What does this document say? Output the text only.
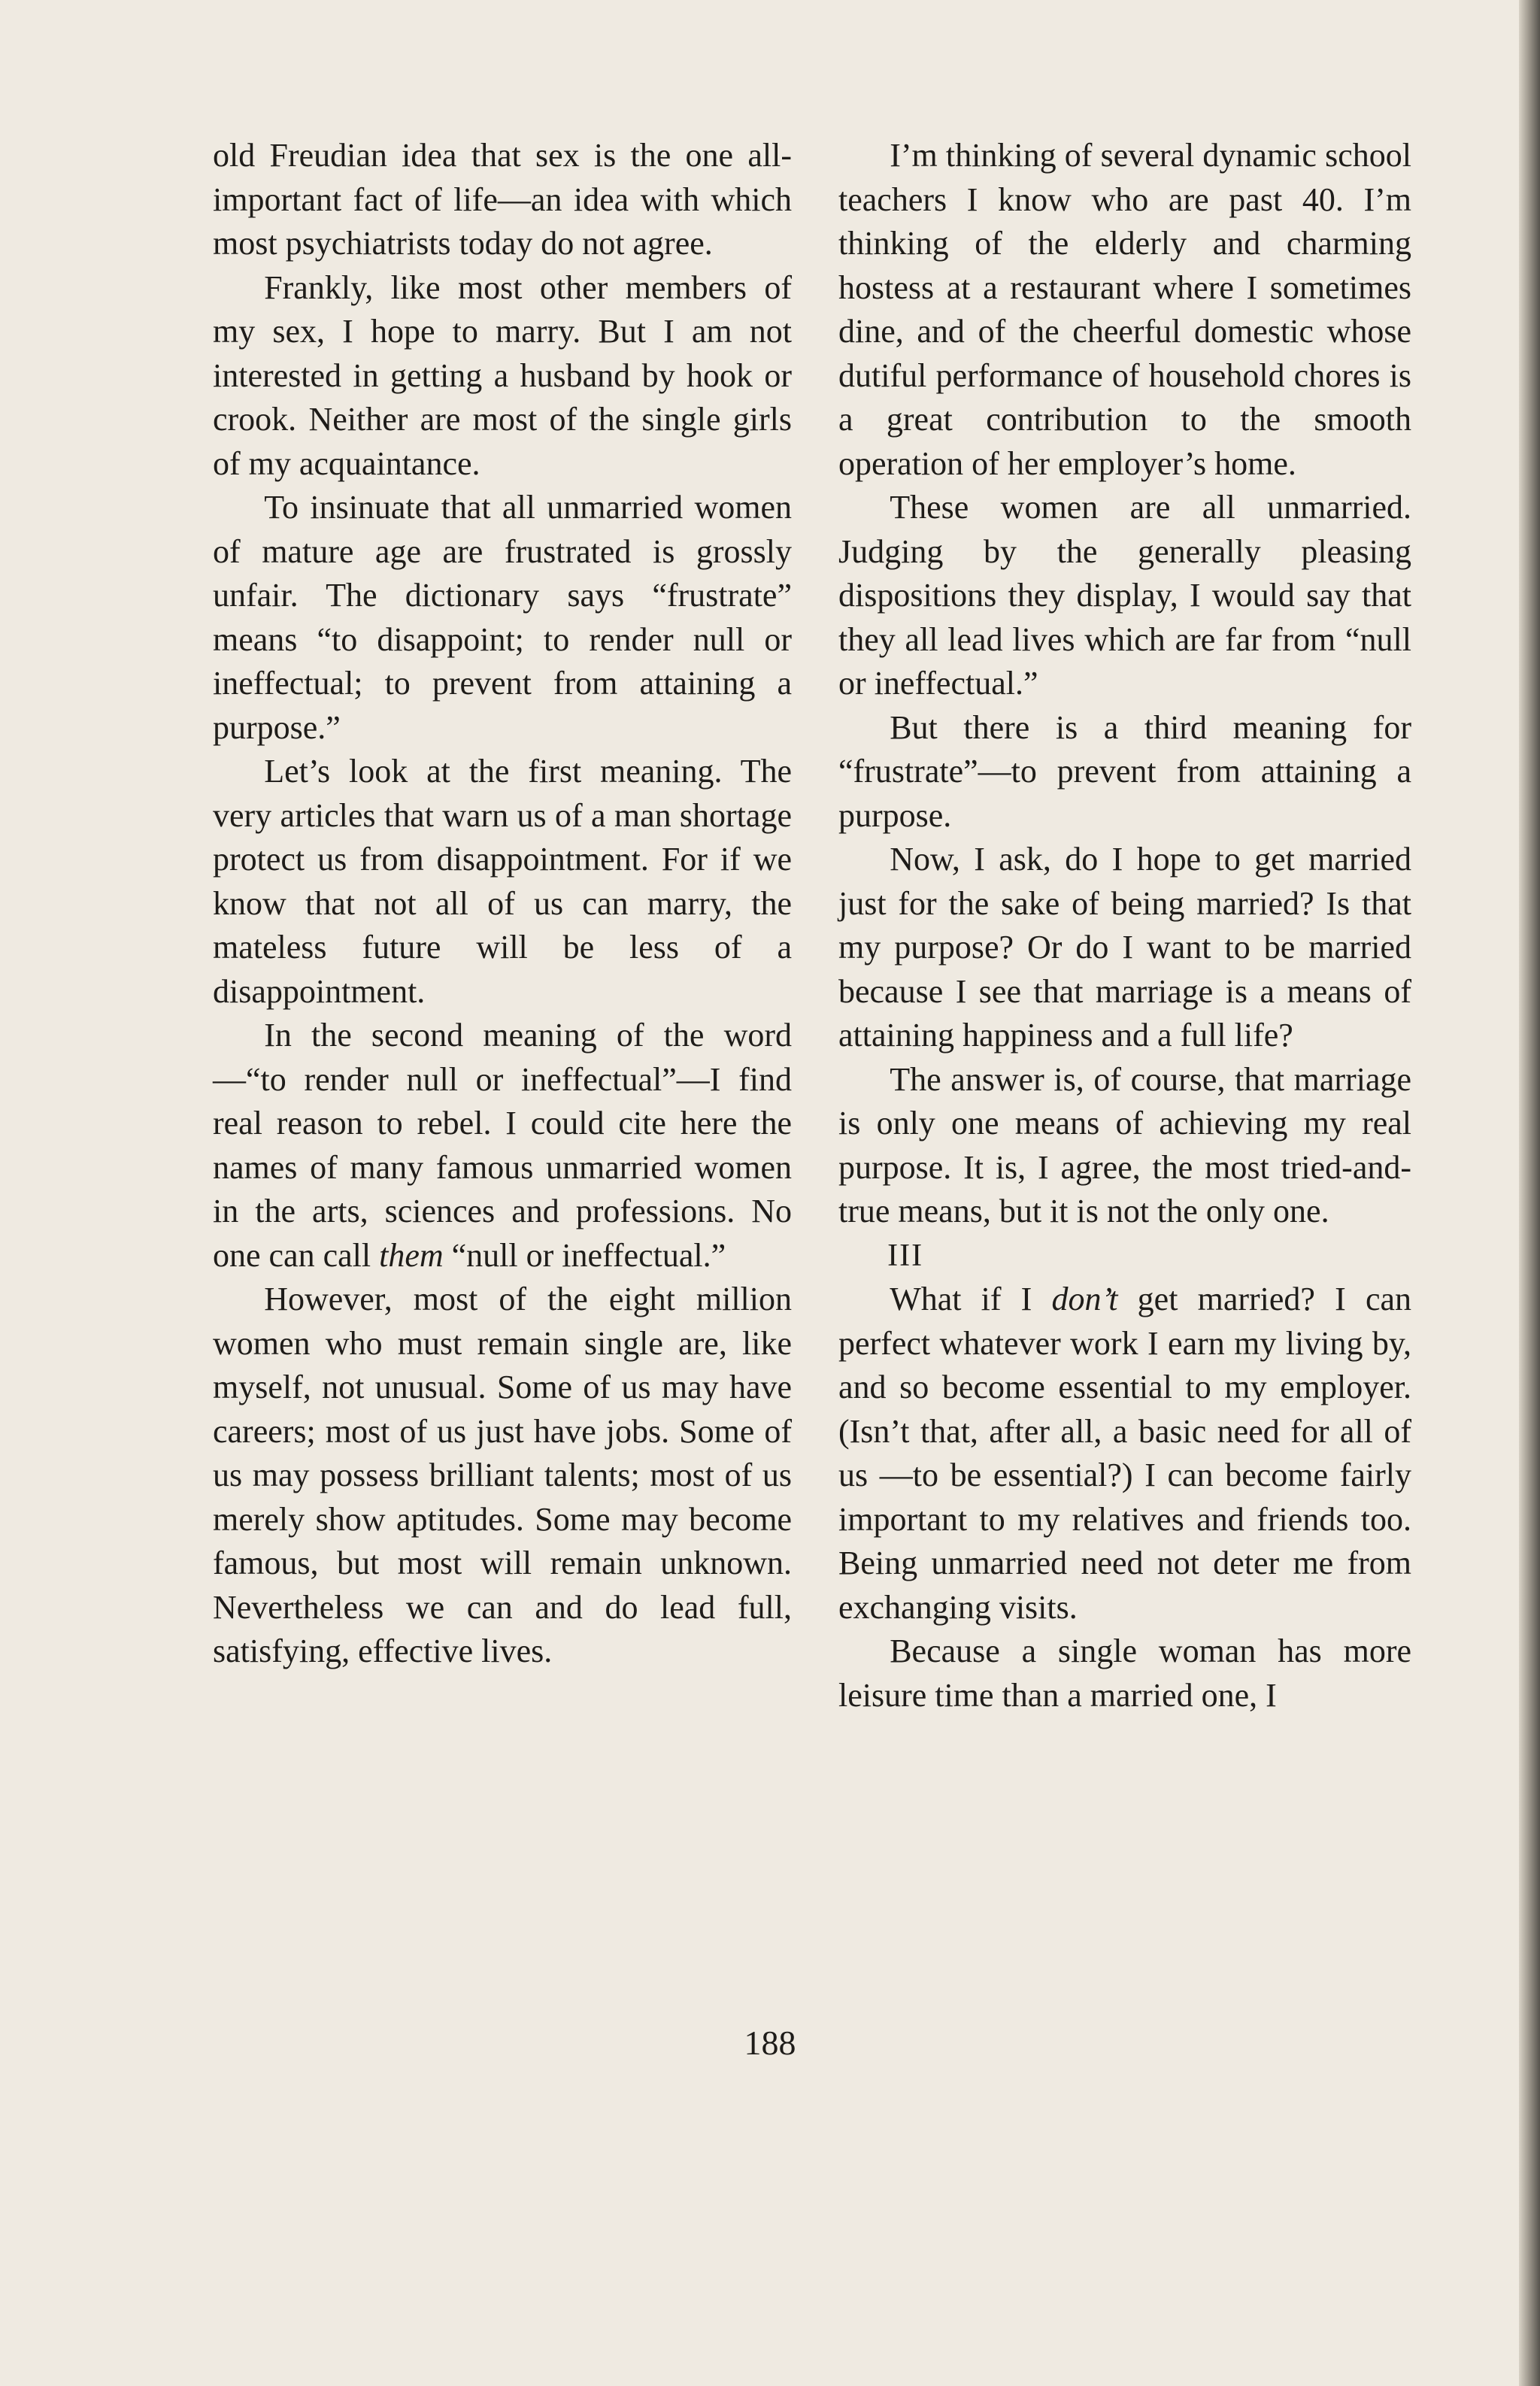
old Freudian idea that sex is the one all-important fact of life—an idea with which most psychiatrists today do not agree.

Frankly, like most other members of my sex, I hope to marry. But I am not interested in getting a husband by hook or crook. Neither are most of the single girls of my acquaintance.

To insinuate that all unmarried women of mature age are frustrated is grossly unfair. The dictionary says “frustrate” means “to disappoint; to render null or ineffectual; to prevent from attaining a purpose.”

Let’s look at the first meaning. The very articles that warn us of a man shortage protect us from disappointment. For if we know that not all of us can marry, the mateless future will be less of a disappointment.

In the second meaning of the word—“to render null or ineffectual”—I find real reason to rebel. I could cite here the names of many famous unmarried women in the arts, sciences and professions. No one can call them “null or ineffectual.”

However, most of the eight million women who must remain single are, like myself, not unusual. Some of us may have careers; most of us just have jobs. Some of us may possess brilliant talents; most of us merely show aptitudes. Some may become famous, but most will remain unknown. Nevertheless we can and do lead full, satisfying, effective lives.

I’m thinking of several dynamic school teachers I know who are past 40. I’m thinking of the elderly and charming hostess at a restaurant where I sometimes dine, and of the cheerful domestic whose dutiful performance of household chores is a great contribution to the smooth operation of her employer’s home.

These women are all unmarried. Judging by the generally pleasing dispositions they display, I would say that they all lead lives which are far from “null or ineffectual.”

But there is a third meaning for “frustrate”—to prevent from attaining a purpose.

Now, I ask, do I hope to get married just for the sake of being married? Is that my purpose? Or do I want to be married because I see that marriage is a means of attaining happiness and a full life?

The answer is, of course, that marriage is only one means of achieving my real purpose. It is, I agree, the most tried-and-true means, but it is not the only one.

III

What if I don’t get married? I can perfect whatever work I earn my living by, and so become essential to my employer. (Isn’t that, after all, a basic need for all of us —to be essential?) I can become fairly important to my relatives and friends too. Being unmarried need not deter me from exchanging visits.

Because a single woman has more leisure time than a married one, I

188
